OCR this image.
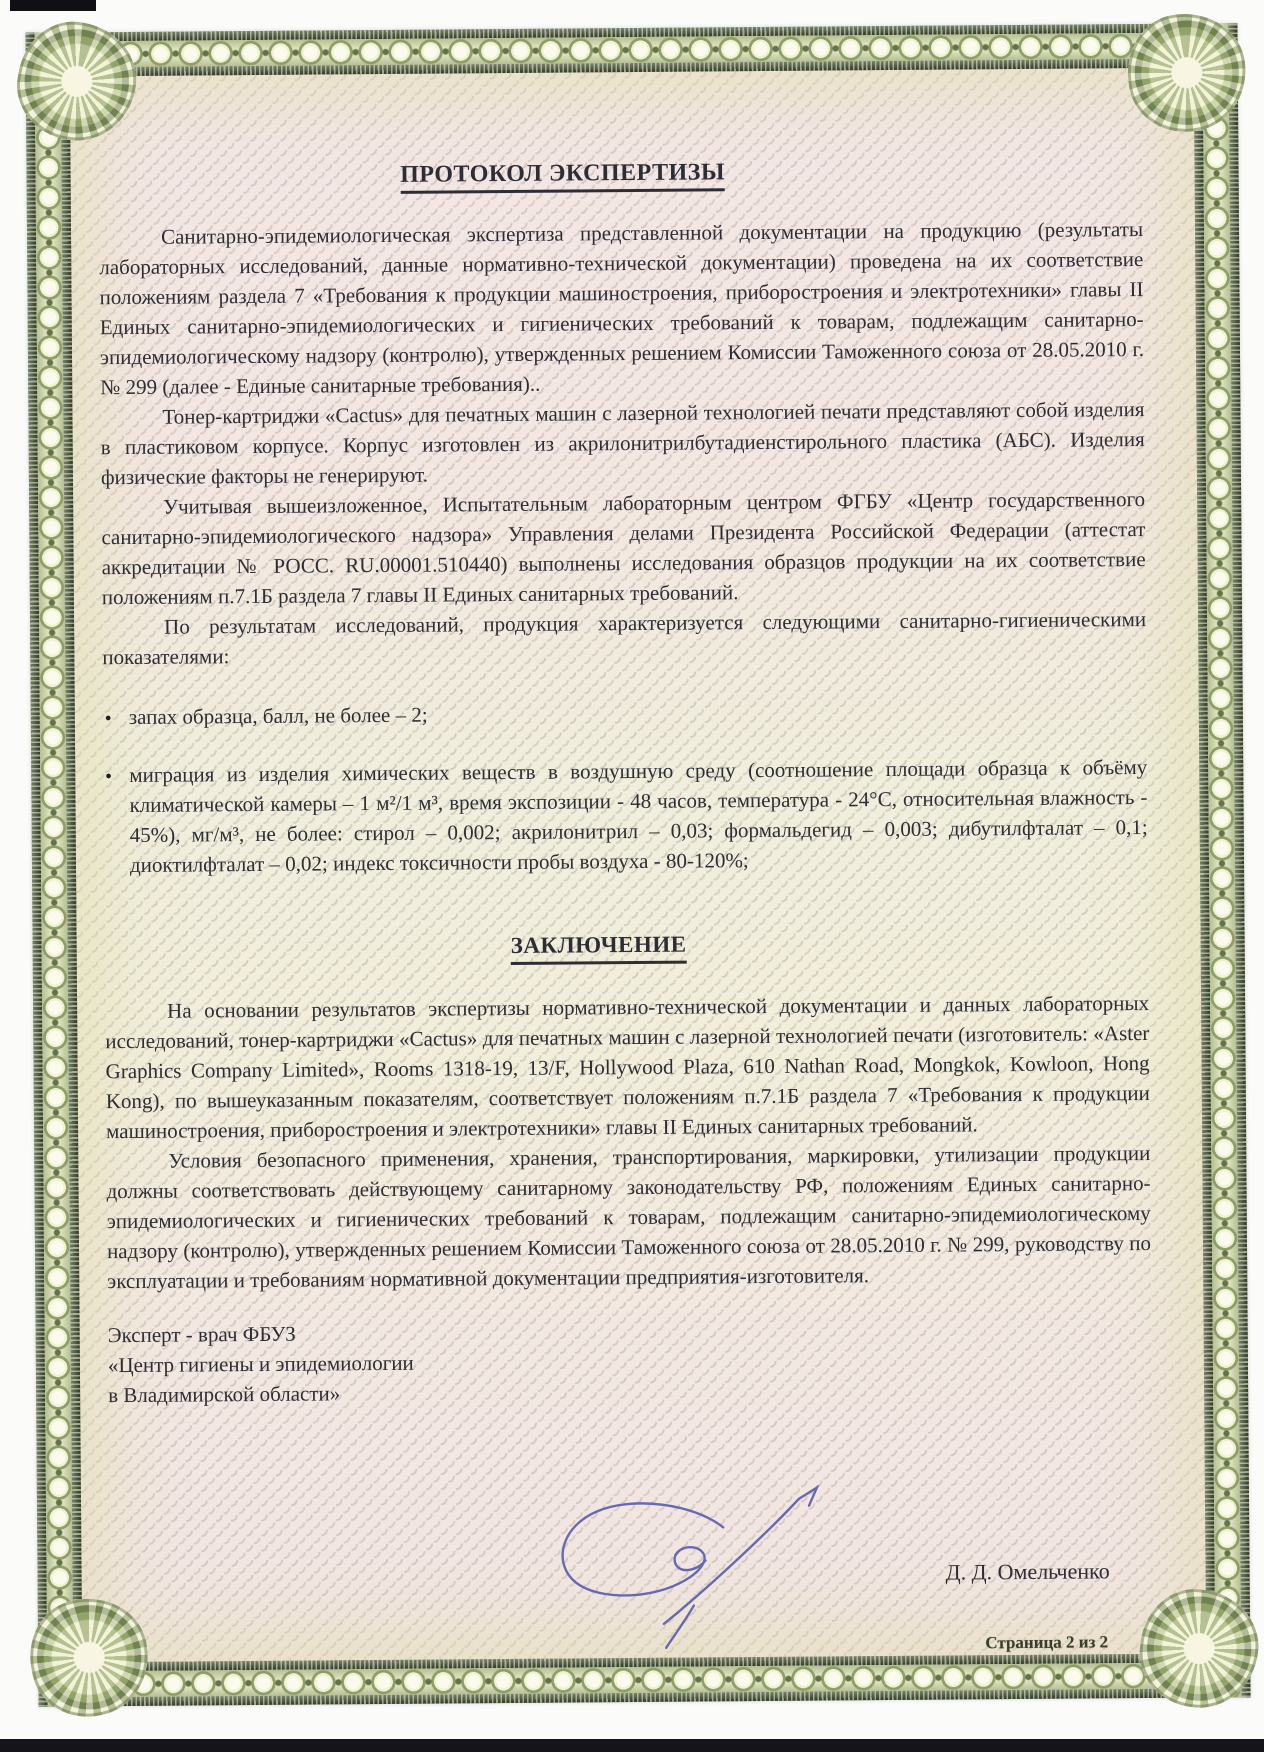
ПРОТОКОЛ ЭКСПЕРТИЗЫ

Санитарно-эпидемиологическая экспертиза представленной документации на продукцию (результаты лабораторных исследований, данные нормативно-технической документации) проведена на их соответствие положениям раздела 7 «Требования к продукции машиностроения, приборостроения и электротехники» главы II Единых санитарно-эпидемиологических и гигиенических требований к товарам, подлежащим санитарно-эпидемиологическому надзору (контролю), утвержденных решением Комиссии Таможенного союза от 28.05.2010 г. № 299 (далее - Единые санитарные требования)..

Тонер-картриджи «Cactus» для печатных машин с лазерной технологией печати представляют собой изделия в пластиковом корпусе. Корпус изготовлен из акрилонитрилбутадиенстирольного пластика (АБС). Изделия физические факторы не генерируют.

Учитывая вышеизложенное, Испытательным лабораторным центром ФГБУ «Центр государственного санитарно-эпидемиологического надзора» Управления делами Президента Российской Федерации (аттестат аккредитации № РОСС. RU.00001.510440) выполнены исследования образцов продукции на их соответствие положениям п.7.1Б раздела 7 главы II Единых санитарных требований.

По результатам исследований, продукция характеризуется следующими санитарно-гигиеническими показателями:

● запах образца, балл, не более – 2;
● миграция из изделия химических веществ в воздушную среду (соотношение площади образца к объёму климатической камеры – 1 м²/1 м³, время экспозиции - 48 часов, температура - 24°С, относительная влажность - 45%), мг/м³, не более: стирол – 0,002; акрилонитрил – 0,03; формальдегид – 0,003; дибутилфталат – 0,1; диоктилфталат – 0,02; индекс токсичности пробы воздуха - 80-120%;
ЗАКЛЮЧЕНИЕ

На основании результатов экспертизы нормативно-технической документации и данных лабораторных исследований, тонер-картриджи «Cactus» для печатных машин с лазерной технологией печати (изготовитель: «Aster Graphics Company Limited», Rooms 1318-19, 13/F, Hollywood Plaza, 610 Nathan Road, Mongkok, Kowloon, Hong Kong), по вышеуказанным показателям, соответствует положениям п.7.1Б раздела 7 «Требования к продукции машиностроения, приборостроения и электротехники» главы II Единых санитарных требований.

Условия безопасного применения, хранения, транспортирования, маркировки, утилизации продукции должны соответствовать действующему санитарному законодательству РФ, положениям Единых санитарно-эпидемиологических и гигиенических требований к товарам, подлежащим санитарно-эпидемиологическому надзору (контролю), утвержденных решением Комиссии Таможенного союза от 28.05.2010 г. № 299, руководству по эксплуатации и требованиям нормативной документации предприятия-изготовителя.

Эксперт - врач ФБУЗ
«Центр гигиены и эпидемиологии
в Владимирской области»
Д. Д. Омельченко
Страница 2 из 2
